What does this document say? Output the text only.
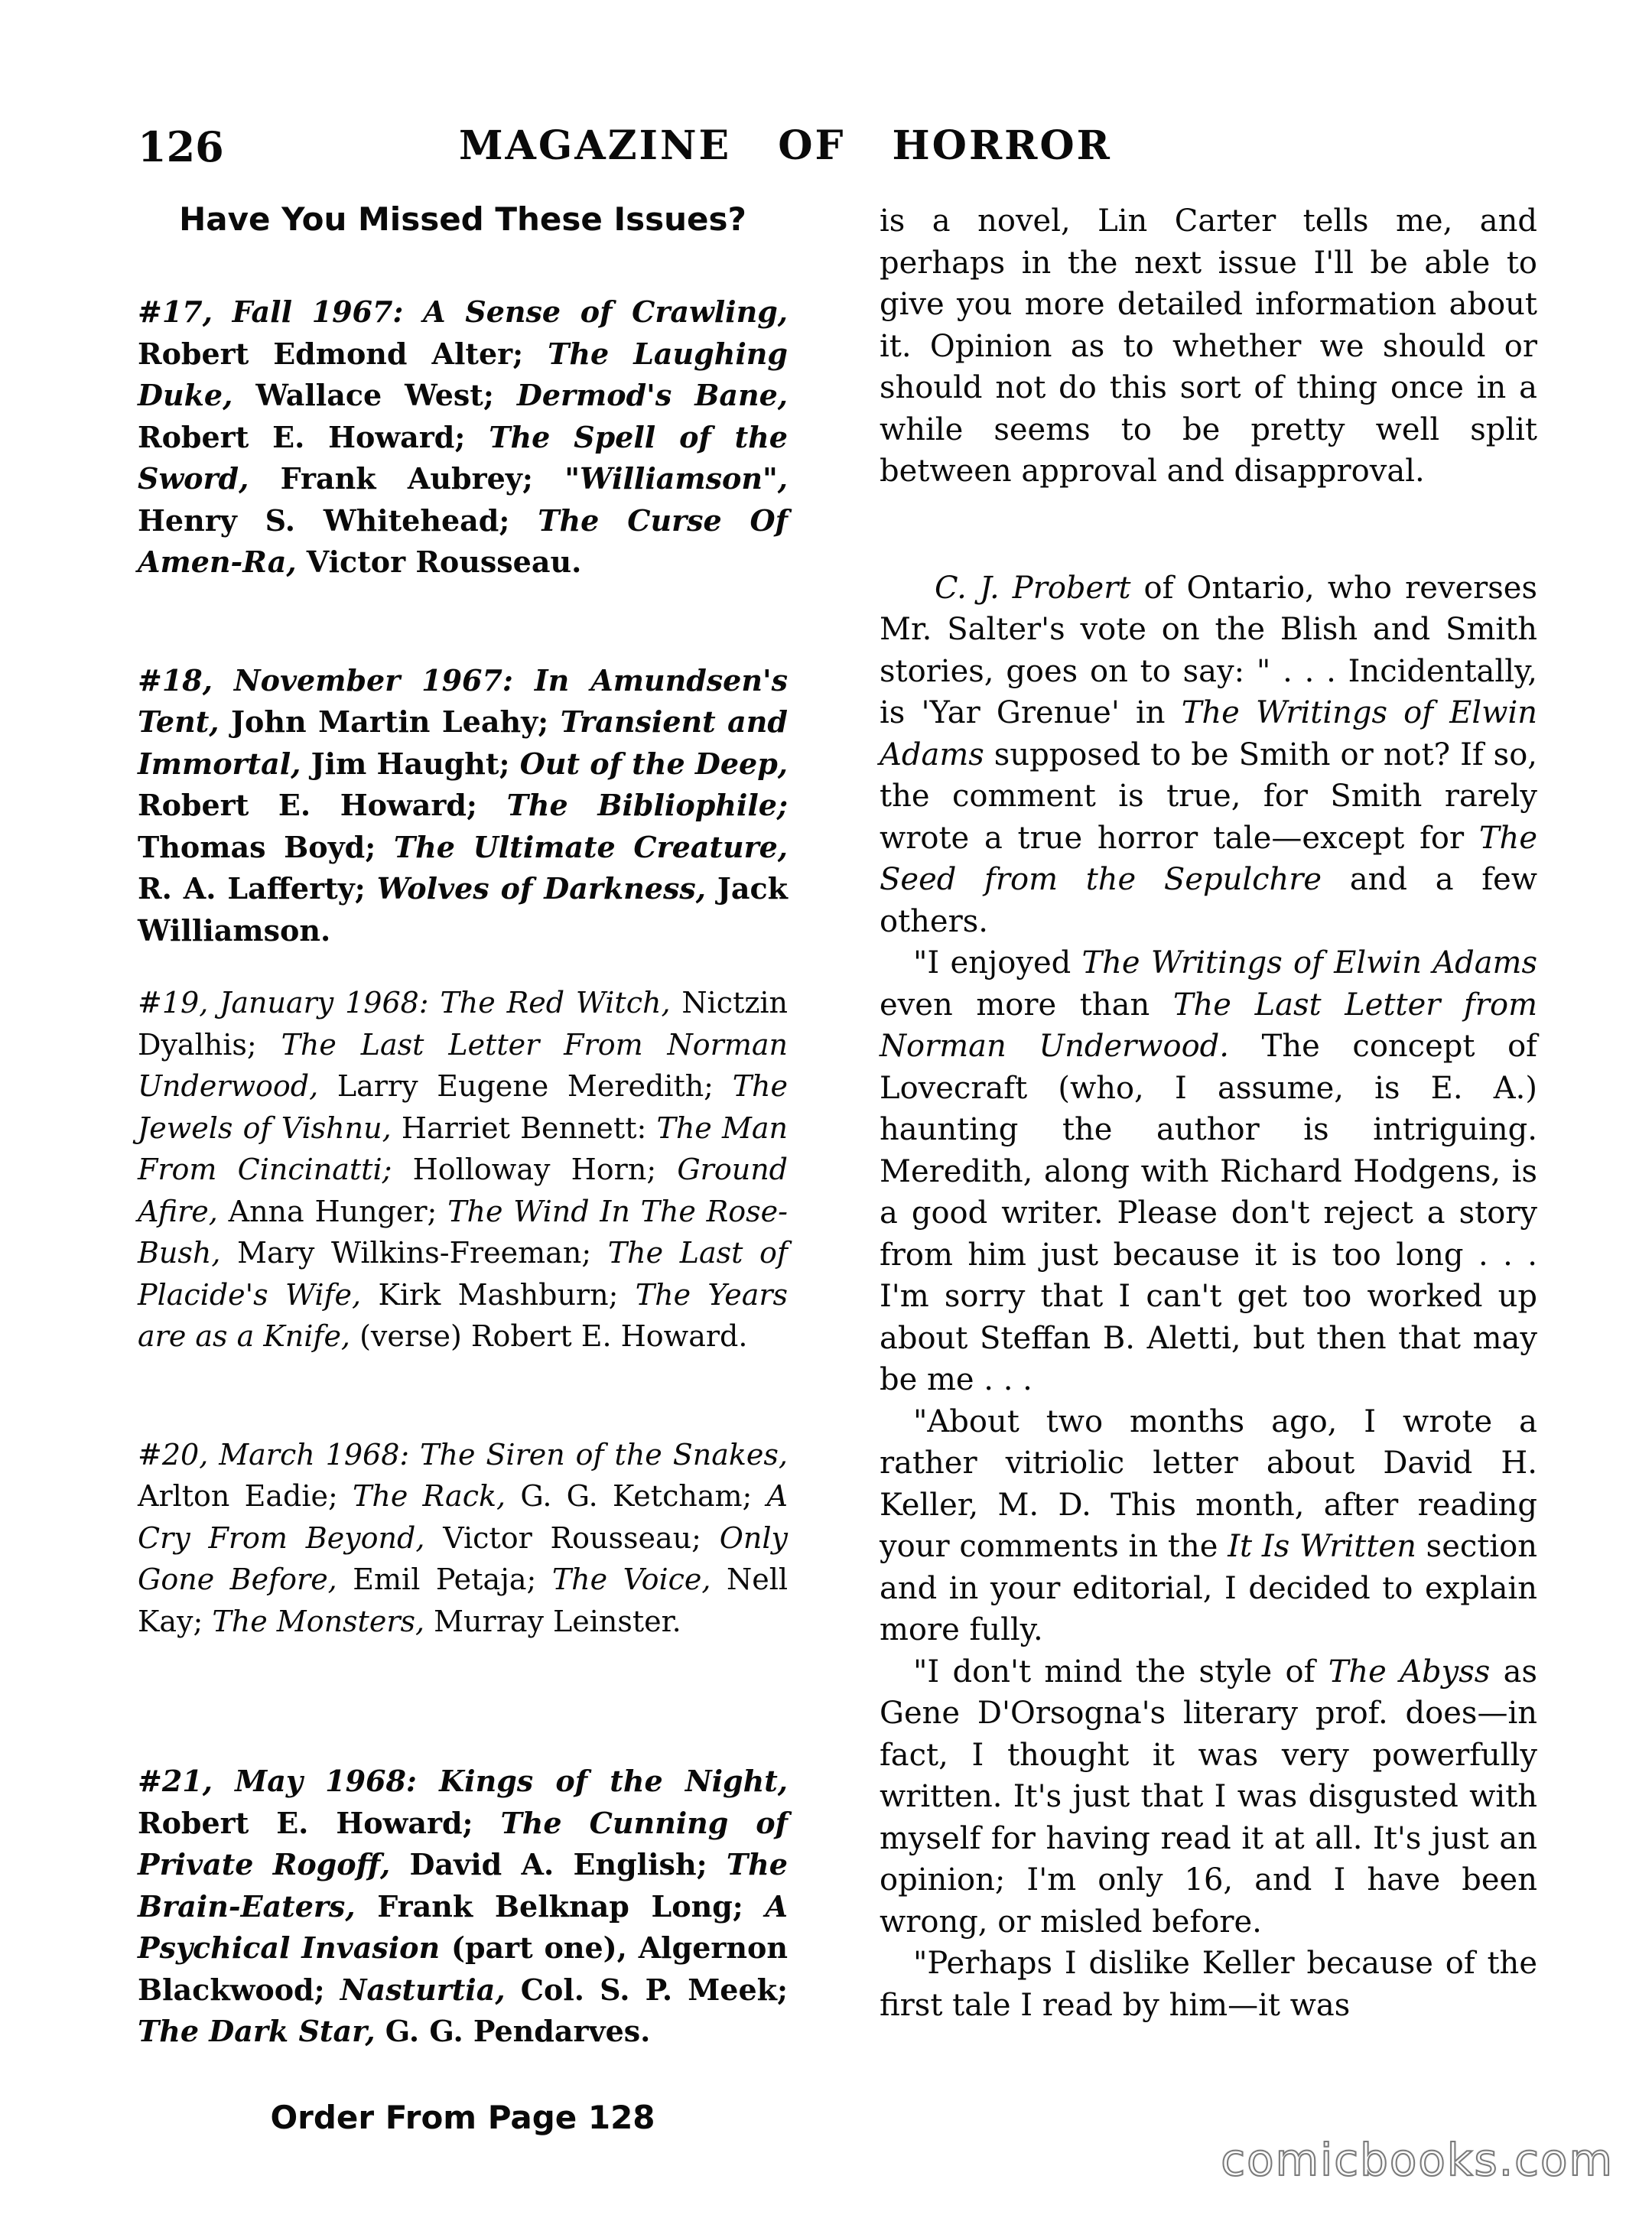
126	MAGAZINE OF HORROR
Have You Missed These Issues?

#17, Fall 1967: A Sense of Crawling, Robert Edmond Alter; The Laughing Duke, Wallace West; Dermod's Bane, Robert E. Howard; The Spell of the Sword, Frank Aubrey; "Williamson", Henry S. Whitehead; The Curse Of Amen-Ra, Victor Rousseau.

#18, November 1967: In Amundsen's Tent, John Martin Leahy; Transient and Immortal, Jim Haught; Out of the Deep, Robert E. Howard; The Bibliophile; Thomas Boyd; The Ultimate Creature, R. A. Lafferty; Wolves of Darkness, Jack Williamson.

#19, January 1968: The Red Witch, Nictzin Dyalhis; The Last Letter From Norman Underwood, Larry Eugene Meredith; The Jewels of Vishnu, Harriet Bennett: The Man From Cincinatti; Holloway Horn; Ground Afire, Anna Hunger; The Wind In The Rose-Bush, Mary Wilkins-Freeman; The Last of Placide's Wife, Kirk Mashburn; The Years are as a Knife, (verse) Robert E. Howard.

#20, March 1968: The Siren of the Snakes, Arlton Eadie; The Rack, G. G. Ketcham; A Cry From Beyond, Victor Rousseau; Only Gone Before, Emil Petaja; The Voice, Nell Kay; The Monsters, Murray Leinster.

#21, May 1968: Kings of the Night, Robert E. Howard; The Cunning of Private Rogoff, David A. English; The Brain-Eaters, Frank Belknap Long; A Psychical Invasion (part one), Algernon Blackwood; Nasturtia, Col. S. P. Meek; The Dark Star, G. G. Pendarves.

Order From Page 128

is a novel, Lin Carter tells me, and perhaps in the next issue I'll be able to give you more detailed information about it. Opinion as to whether we should or should not do this sort of thing once in a while seems to be pretty well split between approval and disapproval.

C. J. Probert of Ontario, who reverses Mr. Salter's vote on the Blish and Smith stories, goes on to say: " . . . Incidentally, is 'Yar Grenue' in The Writings of Elwin Adams supposed to be Smith or not? If so, the comment is true, for Smith rarely wrote a true horror tale—except for The Seed from the Sepulchre and a few others.

"I enjoyed The Writings of Elwin Adams even more than The Last Letter from Norman Underwood. The concept of Lovecraft (who, I assume, is E. A.) haunting the author is intriguing. Meredith, along with Richard Hodgens, is a good writer. Please don't reject a story from him just because it is too long . . . I'm sorry that I can't get too worked up about Steffan B. Aletti, but then that may be me . . .

"About two months ago, I wrote a rather vitriolic letter about David H. Keller, M. D. This month, after reading your comments in the It Is Written section and in your editorial, I decided to explain more fully.

"I don't mind the style of The Abyss as Gene D'Orsogna's literary prof. does—in fact, I thought it was very powerfully written. It's just that I was disgusted with myself for having read it at all. It's just an opinion; I'm only 16, and I have been wrong, or misled before.

"Perhaps I dislike Keller because of the first tale I read by him—it was

comicbooks.com
